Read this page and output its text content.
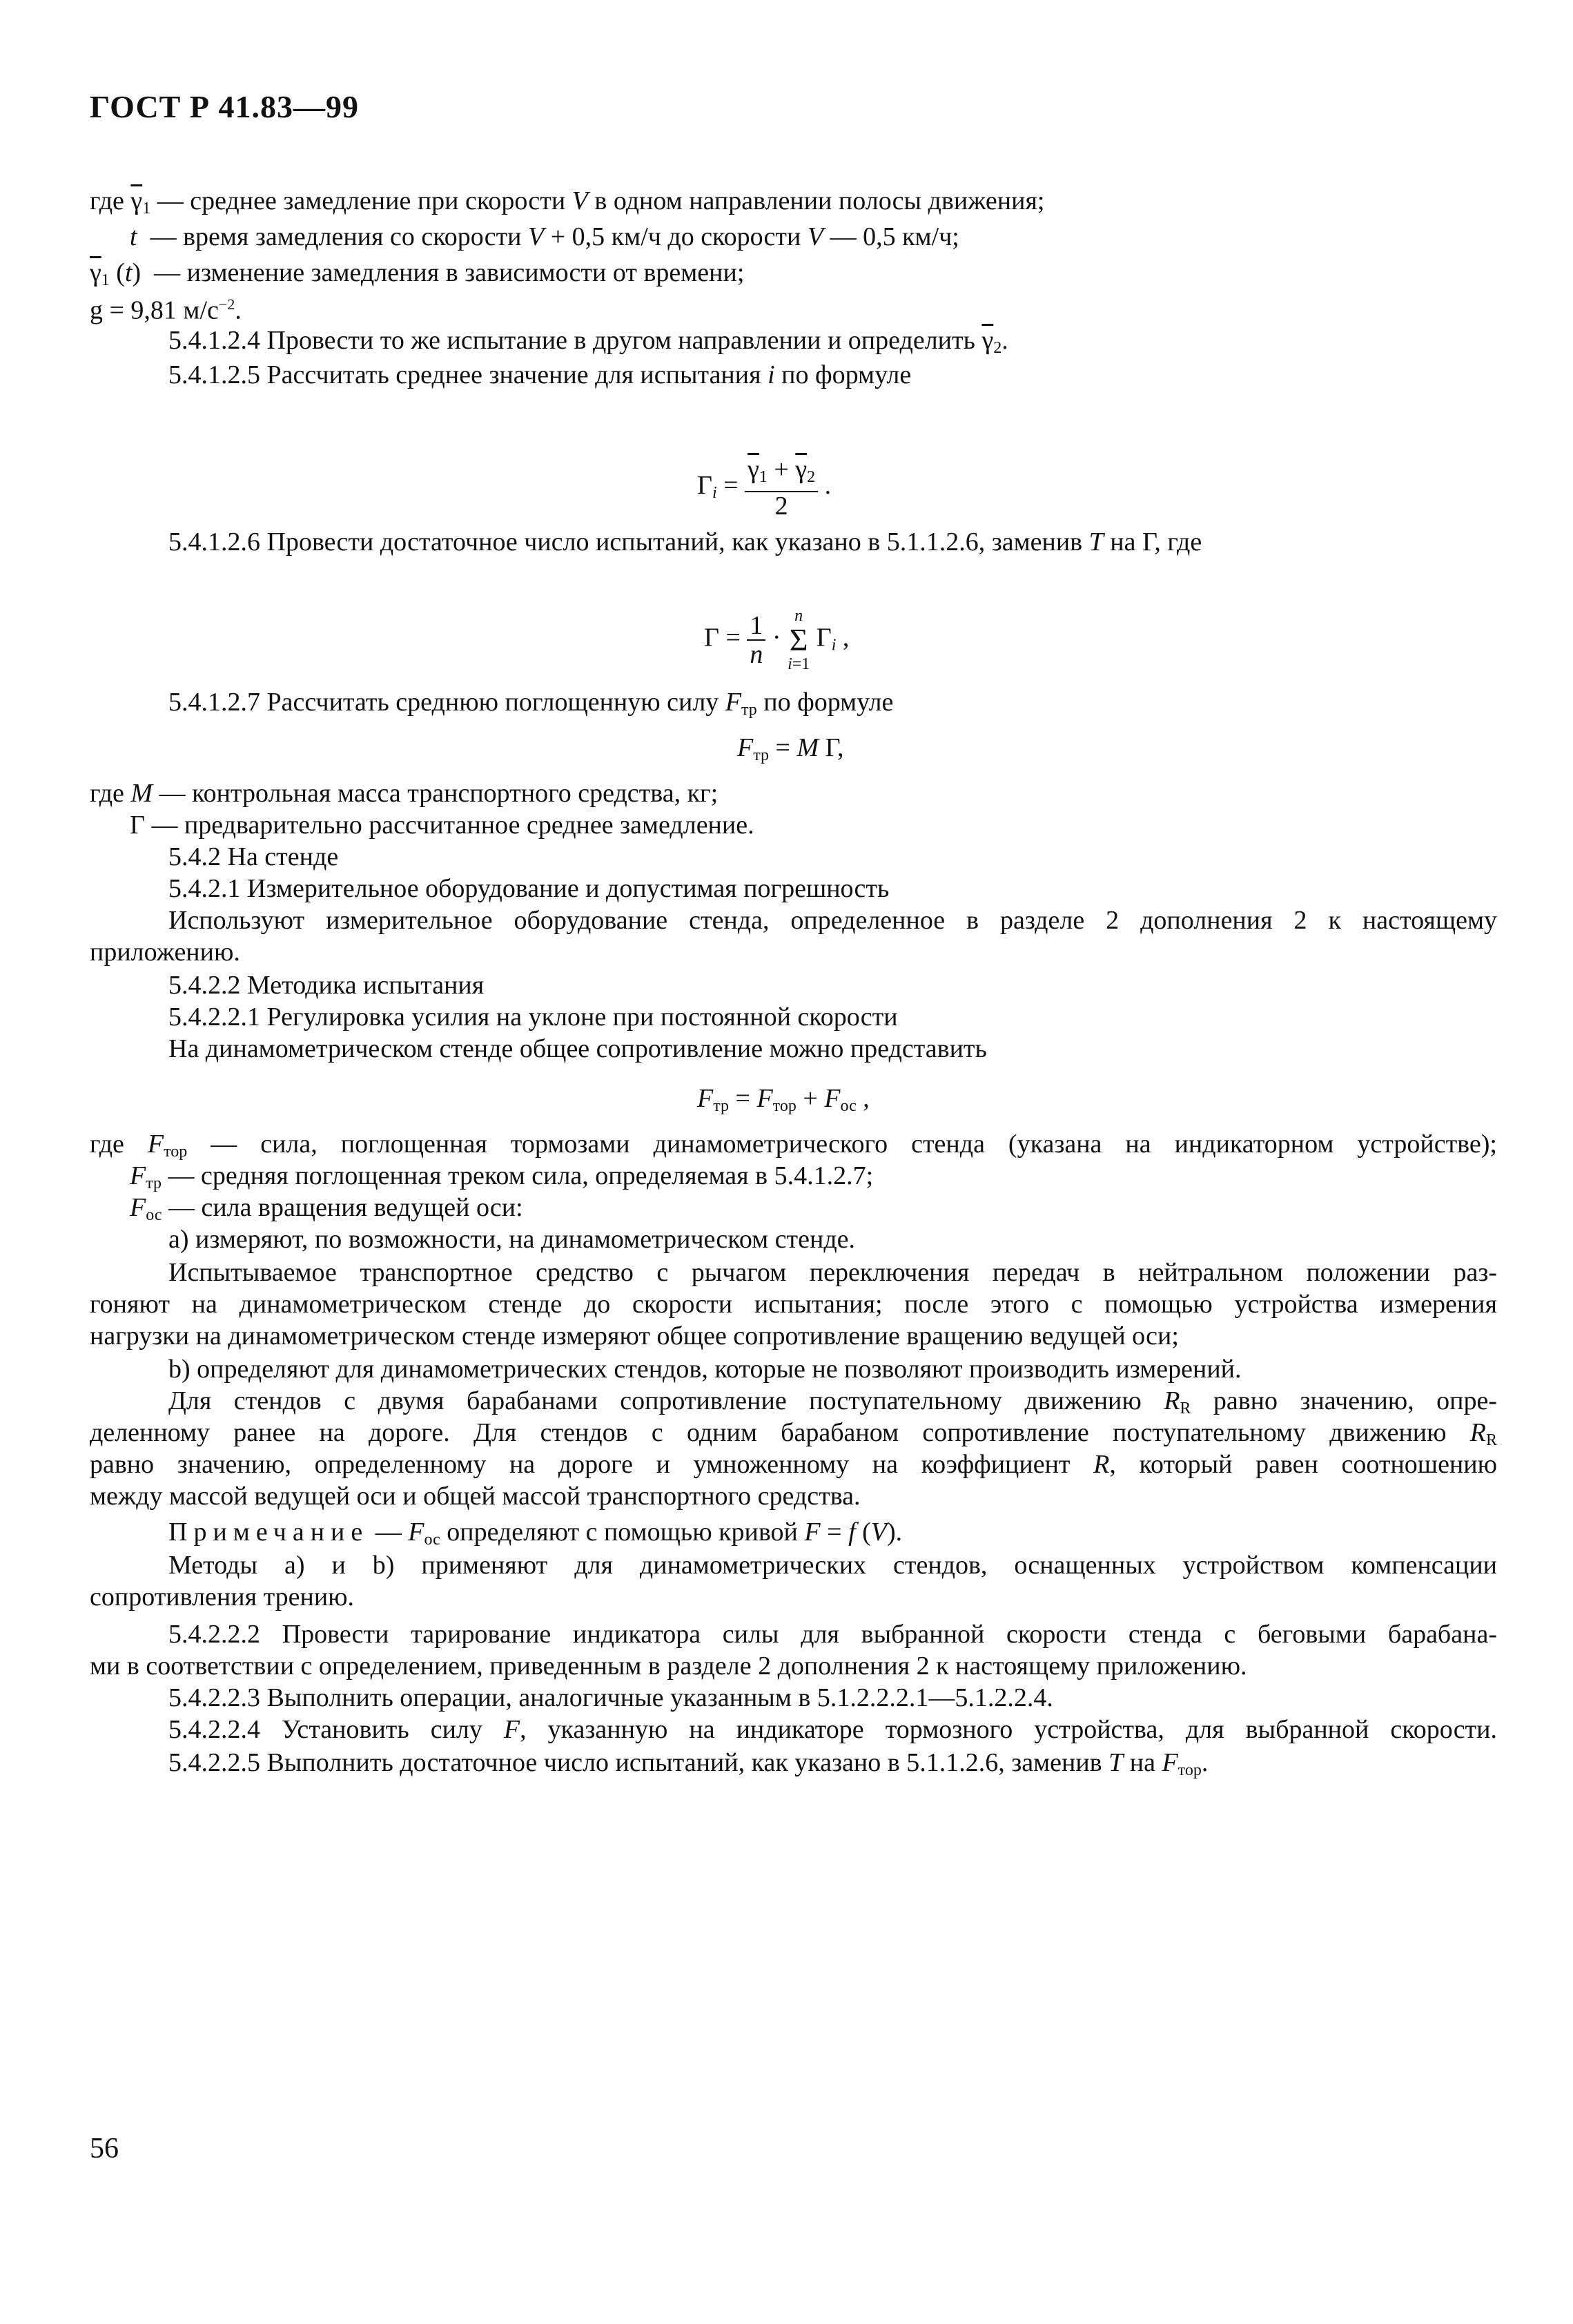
ГОСТ Р 41.83—99
где $\overline{\gamma}_1$ — среднее замедление при скорости V в одном направлении полосы движения;
t  — время замедления со скорости V + 0,5 км/ч до скорости V — 0,5 км/ч;
$\overline{\gamma}_1$ (t)  — изменение замедления в зависимости от времени;
g = 9,81 $м/с^{-2}$.
5.4.1.2.4 Провести то же испытание в другом направлении и определить $\overline{\gamma}_2$.
5.4.1.2.5 Рассчитать среднее значение для испытания i по формуле
$\Gamma_i = \frac{\overline{\gamma}_1 + \overline{\gamma}_2}{2}$ .
5.4.1.2.6 Провести достаточное число испытаний, как указано в 5.1.1.2.6, заменив T на Γ, где
$\Gamma = \frac{1}{n} \cdot n$
Σ
i=1 $\Gamma_i$ ,
5.4.1.2.7 Рассчитать среднюю поглощенную силу $F_{тр}$ по формуле
$F_{тр} = M$ Γ,
где M — контрольная масса транспортного средства, кг;
Γ — предварительно рассчитанное среднее замедление.
5.4.2 На стенде
5.4.2.1 Измерительное оборудование и допустимая погрешность
Используют измерительное оборудование стенда, определенное в разделе 2 дополнения 2 к настоящему
приложению.
5.4.2.2 Методика испытания
5.4.2.2.1 Регулировка усилия на уклоне при постоянной скорости
На динамометрическом стенде общее сопротивление можно представить
$F_{тр} = F_{тор} + F_{ос}$ ,
где $F_{тор}$ — сила, поглощенная тормозами динамометрического стенда (указана на индикаторном устройстве);
$F_{тр}$ — средняя поглощенная треком сила, определяемая в 5.4.1.2.7;
$F_{ос}$ — сила вращения ведущей оси:
a) измеряют, по возможности, на динамометрическом стенде.
Испытываемое транспортное средство с рычагом переключения передач в нейтральном положении раз-
гоняют на динамометрическом стенде до скорости испытания; после этого с помощью устройства измерения
нагрузки на динамометрическом стенде измеряют общее сопротивление вращению ведущей оси;
b) определяют для динамометрических стендов, которые не позволяют производить измерений.
Для стендов с двумя барабанами сопротивление поступательному движению $R_R$ равно значению, опре-
деленному ранее на дороге. Для стендов с одним барабаном сопротивление поступательному движению $R_R$
равно значению, определенному на дороге и умноженному на коэффициент R, который равен соотношению
между массой ведущей оси и общей массой транспортного средства.
Примечание — $F_{ос}$ определяют с помощью кривой F = f (V).
Методы a) и b) применяют для динамометрических стендов, оснащенных устройством компенсации
сопротивления трению.
5.4.2.2.2 Провести тарирование индикатора силы для выбранной скорости стенда с беговыми барабана-
ми в соответствии с определением, приведенным в разделе 2 дополнения 2 к настоящему приложению.
5.4.2.2.3 Выполнить операции, аналогичные указанным в 5.1.2.2.2.1—5.1.2.2.4.
5.4.2.2.4 Установить силу F, указанную на индикаторе тормозного устройства, для выбранной скорости.
5.4.2.2.5 Выполнить достаточное число испытаний, как указано в 5.1.1.2.6, заменив T на $F_{тор}$.
56
